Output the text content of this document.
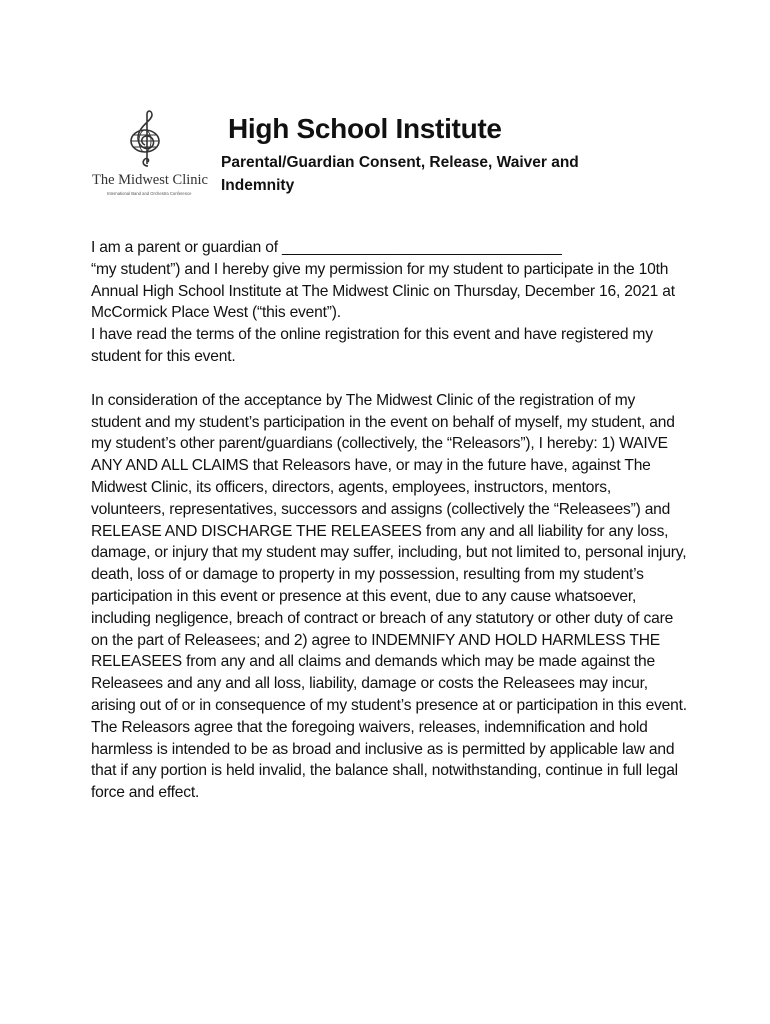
The Midwest Clinic
International Band and Orchestra Conference
High School Institute
Parental/Guardian Consent, Release, Waiver and Indemnity

I am a parent or guardian of _________________________________

“my student”) and I hereby give my permission for my student to participate in the 10th Annual High School Institute at The Midwest Clinic on Thursday, December 16, 2021 at McCormick Place West (“this event”).

I have read the terms of the online registration for this event and have registered my student for this event.

In consideration of the acceptance by The Midwest Clinic of the registration of my student and my student’s participation in the event on behalf of myself, my student, and my student’s other parent/guardians (collectively, the “Releasors”), I hereby: 1) WAIVE ANY AND ALL CLAIMS that Releasors have, or may in the future have, against The Midwest Clinic, its officers, directors, agents, employees, instructors, mentors, volunteers, representatives, successors and assigns (collectively the “Releasees”) and RELEASE AND DISCHARGE THE RELEASEES from any and all liability for any loss, damage, or injury that my student may suffer, including, but not limited to, personal injury, death, loss of or damage to property in my possession, resulting from my student’s participation in this event or presence at this event, due to any cause whatsoever, including negligence, breach of contract or breach of any statutory or other duty of care on the part of Releasees; and 2) agree to INDEMNIFY AND HOLD HARMLESS THE RELEASEES from any and all claims and demands which may be made against the Releasees and any and all loss, liability, damage or costs the Releasees may incur, arising out of or in consequence of my student’s presence at or participation in this event. The Releasors agree that the foregoing waivers, releases, indemnification and hold harmless is intended to be as broad and inclusive as is permitted by applicable law and that if any portion is held invalid, the balance shall, notwithstanding, continue in full legal force and effect.
